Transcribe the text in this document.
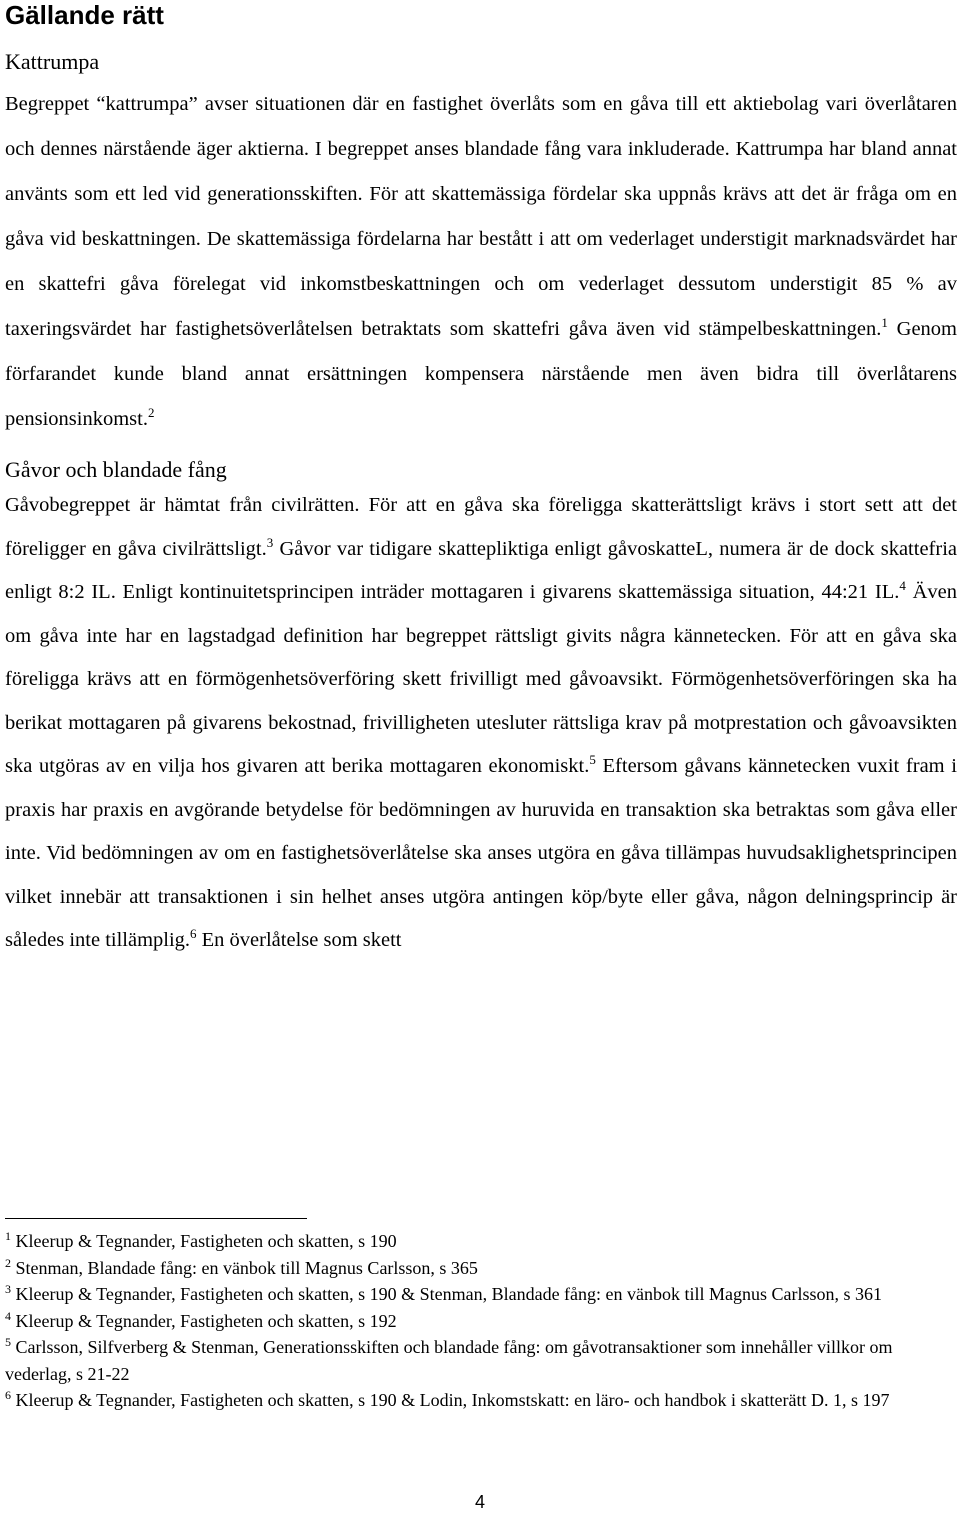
Gällande rätt

Kattrumpa

Begreppet “kattrumpa” avser situationen där en fastighet överlåts som en gåva till ett aktiebolag vari överlåtaren och dennes närstående äger aktierna. I begreppet anses blandade fång vara inkluderade. Kattrumpa har bland annat använts som ett led vid generationsskiften. För att skattemässiga fördelar ska uppnås krävs att det är fråga om en gåva vid beskattningen. De skattemässiga fördelarna har bestått i att om vederlaget understigit marknadsvärdet har en skattefri gåva förelegat vid inkomstbeskattningen och om vederlaget dessutom understigit 85 % av taxeringsvärdet har fastighetsöverlåtelsen betraktats som skattefri gåva även vid stämpelbeskattningen.$^1$ Genom förfarandet kunde bland annat ersättningen kompensera närstående men även bidra till överlåtarens pensionsinkomst.$^2$

Gåvor och blandade fång

Gåvobegreppet är hämtat från civilrätten. För att en gåva ska föreligga skatterättsligt krävs i stort sett att det föreligger en gåva civilrättsligt.$^3$ Gåvor var tidigare skattepliktiga enligt gåvoskatteL, numera är de dock skattefria enligt 8:2 IL. Enligt kontinuitetsprincipen inträder mottagaren i givarens skattemässiga situation, 44:21 IL.$^4$ Även om gåva inte har en lagstadgad definition har begreppet rättsligt givits några kännetecken. För att en gåva ska föreligga krävs att en förmögenhetsöverföring skett frivilligt med gåvoavsikt. Förmögenhetsöverföringen ska ha berikat mottagaren på givarens bekostnad, frivilligheten utesluter rättsliga krav på motprestation och gåvoavsikten ska utgöras av en vilja hos givaren att berika mottagaren ekonomiskt.$^5$ Eftersom gåvans kännetecken vuxit fram i praxis har praxis en avgörande betydelse för bedömningen av huruvida en transaktion ska betraktas som gåva eller inte. Vid bedömningen av om en fastighetsöverlåtelse ska anses utgöra en gåva tillämpas huvudsaklighetsprincipen vilket innebär att transaktionen i sin helhet anses utgöra antingen köp/byte eller gåva, någon delningsprincip är således inte tillämplig.$^6$ En överlåtelse som skett

$^1$ Kleerup & Tegnander, Fastigheten och skatten, s 190

$^2$ Stenman, Blandade fång: en vänbok till Magnus Carlsson, s 365

$^3$ Kleerup & Tegnander, Fastigheten och skatten, s 190 & Stenman, Blandade fång: en vänbok till Magnus Carlsson, s 361

$^4$ Kleerup & Tegnander, Fastigheten och skatten, s 192

$^5$ Carlsson, Silfverberg & Stenman, Generationsskiften och blandade fång: om gåvotransaktioner som innehåller villkor om vederlag, s 21-22

$^6$ Kleerup & Tegnander, Fastigheten och skatten, s 190 & Lodin, Inkomstskatt: en läro- och handbok i skatterätt D. 1, s 197

4
